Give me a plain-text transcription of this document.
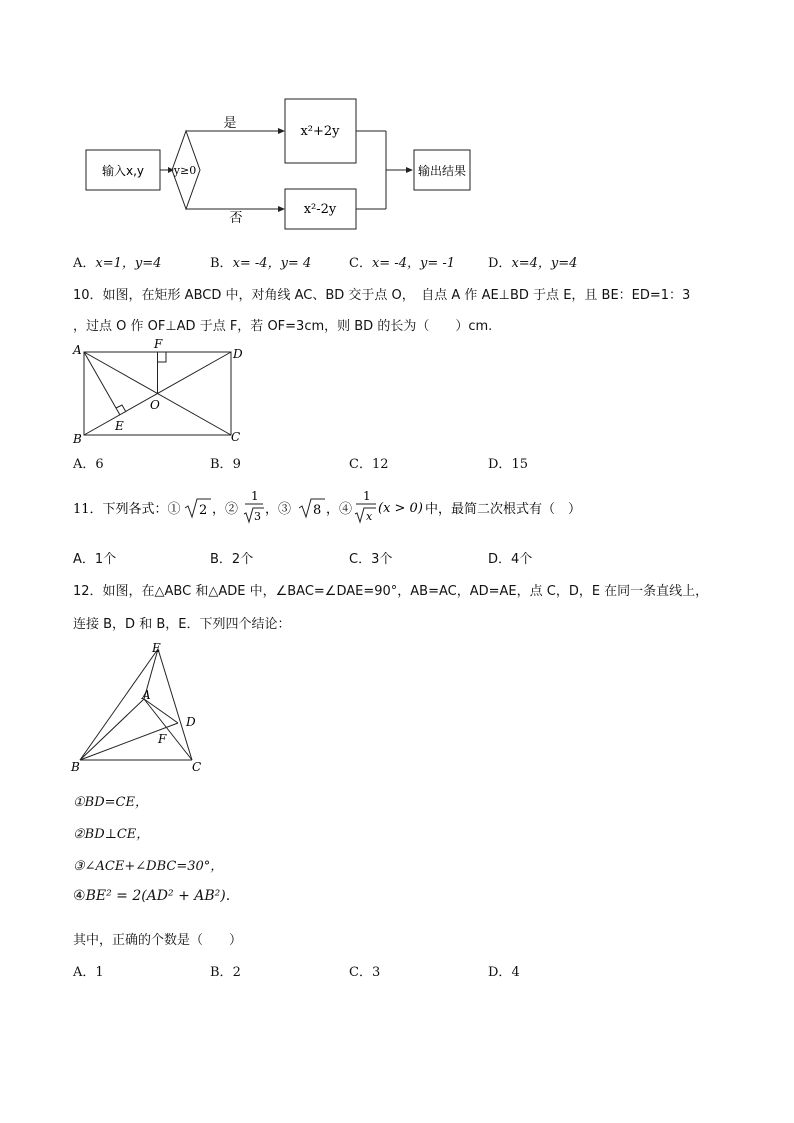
输入x,y	y≥0
是
否
x²+2y
x²-2y
输出结果
A．x=1，y=4	B．x= -4，y= 4	C．x= -4，y= -1	D．x=4，y=4
10．如图，在矩形 ABCD 中，对角线 AC、BD 交于点 O，　自点 A 作 AE⊥BD 于点 E，且 BE：ED=1：3
，过点 O 作 OF⊥AD 于点 F，若 OF=3cm，则 BD 的长为（　　）cm.
A
B	C
D
E
F
O
A．6	B．9	C．12	D．15
11．下列各式：① 2 ，②
1
3 ，③ 8 ，④
1
x
(x > 0) 中，最简二次根式有（　）
A．1个	B．2个	C．3个	D．4个
12．如图，在△ABC 和△ADE 中，∠BAC=∠DAE=90°，AB=AC，AD=AE，点 C，D，E 在同一条直线上，
连接 B，D 和 B，E．下列四个结论：
E
A
D
F
B	C
①BD=CE，
②BD⊥CE，
③∠ACE+∠DBC=30°，
④BE² = 2(AD² + AB²).
其中，正确的个数是（　　）
A．1	B．2	C．3	D．4
